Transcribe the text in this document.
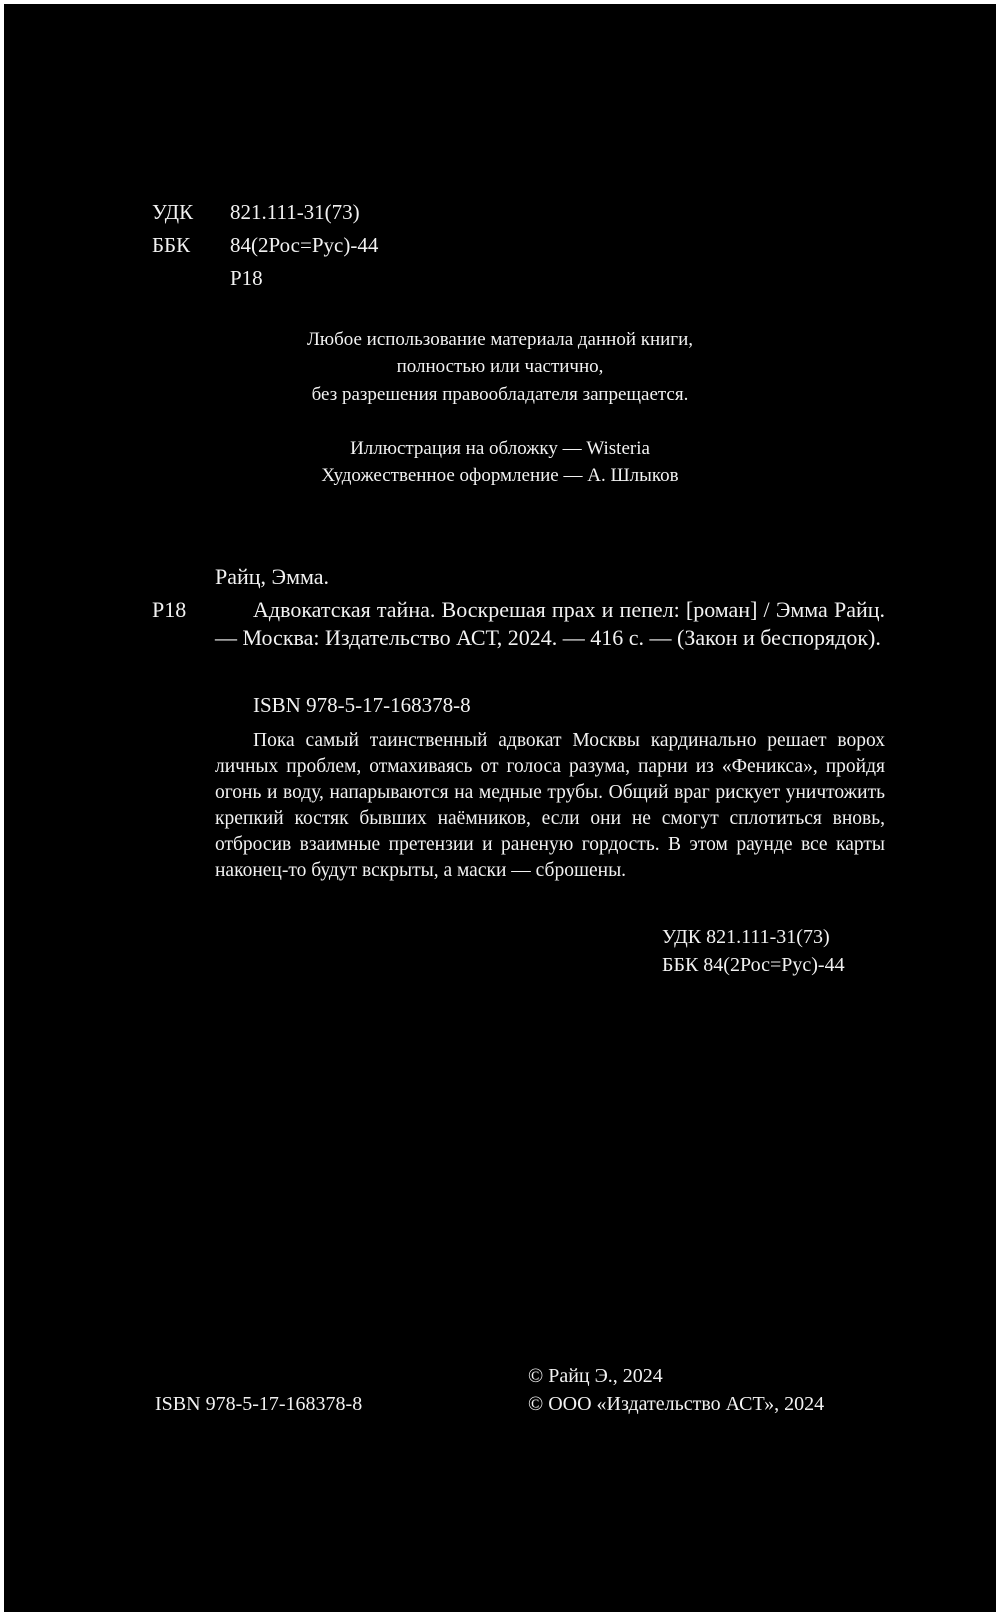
УДК 821.111-31(73)
ББК 84(2Рос=Рус)-44
Р18
Любое использование материала данной книги,
полностью или частично,
без разрешения правообладателя запрещается.
Иллюстрация на обложку — Wisteria
Художественное оформление — А. Шлыков
Райц, Эмма.
Р18	Адвокатская тайна. Воскрешая прах и пепел: [роман] / Эмма Райц. — Москва: Издательство АСТ, 2024. — 416 с. — (Закон и беспорядок).
ISBN 978-5-17-168378-8
Пока самый таинственный адвокат Москвы кардинально решает ворох личных проблем, отмахиваясь от голоса разума, парни из «Феникса», пройдя огонь и воду, напарываются на медные трубы. Общий враг рискует уничтожить крепкий костяк бывших наёмников, если они не смогут сплотиться вновь, отбросив взаимные претензии и раненую гордость. В этом раунде все карты наконец-то будут вскрыты, а маски — сброшены.
УДК 821.111-31(73)
ББК 84(2Рос=Рус)-44
© Райц Э., 2024
ISBN 978-5-17-168378-8	© ООО «Издательство АСТ», 2024
